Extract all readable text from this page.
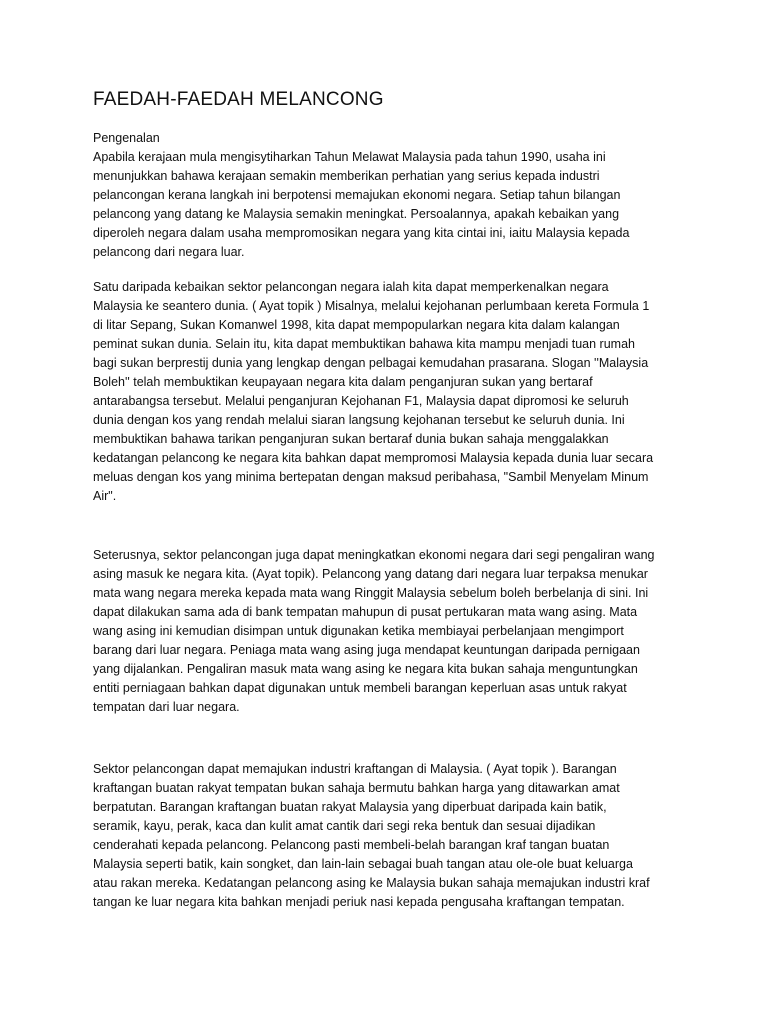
FAEDAH-FAEDAH MELANCONG
Pengenalan
Apabila kerajaan mula mengisytiharkan Tahun Melawat Malaysia pada tahun 1990, usaha ini
menunjukkan bahawa kerajaan semakin memberikan perhatian yang serius kepada industri
pelancongan kerana langkah ini berpotensi memajukan ekonomi negara. Setiap tahun bilangan
pelancong yang datang ke Malaysia semakin meningkat. Persoalannya, apakah kebaikan yang
diperoleh negara dalam usaha mempromosikan negara yang kita cintai ini, iaitu Malaysia kepada
pelancong dari negara luar.
Satu daripada kebaikan sektor pelancongan negara ialah kita dapat memperkenalkan negara
Malaysia ke seantero dunia. ( Ayat topik ) Misalnya, melalui kejohanan perlumbaan kereta Formula 1
di litar Sepang, Sukan Komanwel 1998, kita dapat mempopularkan negara kita dalam kalangan
peminat sukan dunia. Selain itu, kita dapat membuktikan bahawa kita mampu menjadi tuan rumah
bagi sukan berprestij dunia yang lengkap dengan pelbagai kemudahan prasarana. Slogan ''Malaysia
Boleh'' telah membuktikan keupayaan negara kita dalam penganjuran sukan yang bertaraf
antarabangsa tersebut. Melalui penganjuran Kejohanan F1, Malaysia dapat dipromosi ke seluruh
dunia dengan kos yang rendah melalui siaran langsung kejohanan tersebut ke seluruh dunia. Ini
membuktikan bahawa tarikan penganjuran sukan bertaraf dunia bukan sahaja menggalakkan
kedatangan pelancong ke negara kita bahkan dapat mempromosi Malaysia kepada dunia luar secara
meluas dengan kos yang minima bertepatan dengan maksud peribahasa, "Sambil Menyelam Minum
Air".
Seterusnya, sektor pelancongan juga dapat meningkatkan ekonomi negara dari segi pengaliran wang
asing masuk ke negara kita. (Ayat topik). Pelancong yang datang dari negara luar terpaksa menukar
mata wang negara mereka kepada mata wang Ringgit Malaysia sebelum boleh berbelanja di sini. Ini
dapat dilakukan sama ada di bank tempatan mahupun di pusat pertukaran mata wang asing. Mata
wang asing ini kemudian disimpan untuk digunakan ketika membiayai perbelanjaan mengimport
barang dari luar negara. Peniaga mata wang asing juga mendapat keuntungan daripada pernigaan
yang dijalankan. Pengaliran masuk mata wang asing ke negara kita bukan sahaja menguntungkan
entiti perniagaan bahkan dapat digunakan untuk membeli barangan keperluan asas untuk rakyat
tempatan dari luar negara.
Sektor pelancongan dapat memajukan industri kraftangan di Malaysia. ( Ayat topik ). Barangan
kraftangan buatan rakyat tempatan bukan sahaja bermutu bahkan harga yang ditawarkan amat
berpatutan. Barangan kraftangan buatan rakyat Malaysia yang diperbuat daripada kain batik,
seramik, kayu, perak, kaca dan kulit amat cantik dari segi reka bentuk dan sesuai dijadikan
cenderahati kepada pelancong. Pelancong pasti membeli-belah barangan kraf tangan buatan
Malaysia seperti batik, kain songket, dan lain-lain sebagai buah tangan atau ole-ole buat keluarga
atau rakan mereka. Kedatangan pelancong asing ke Malaysia bukan sahaja memajukan industri kraf
tangan ke luar negara kita bahkan menjadi periuk nasi kepada pengusaha kraftangan tempatan.
